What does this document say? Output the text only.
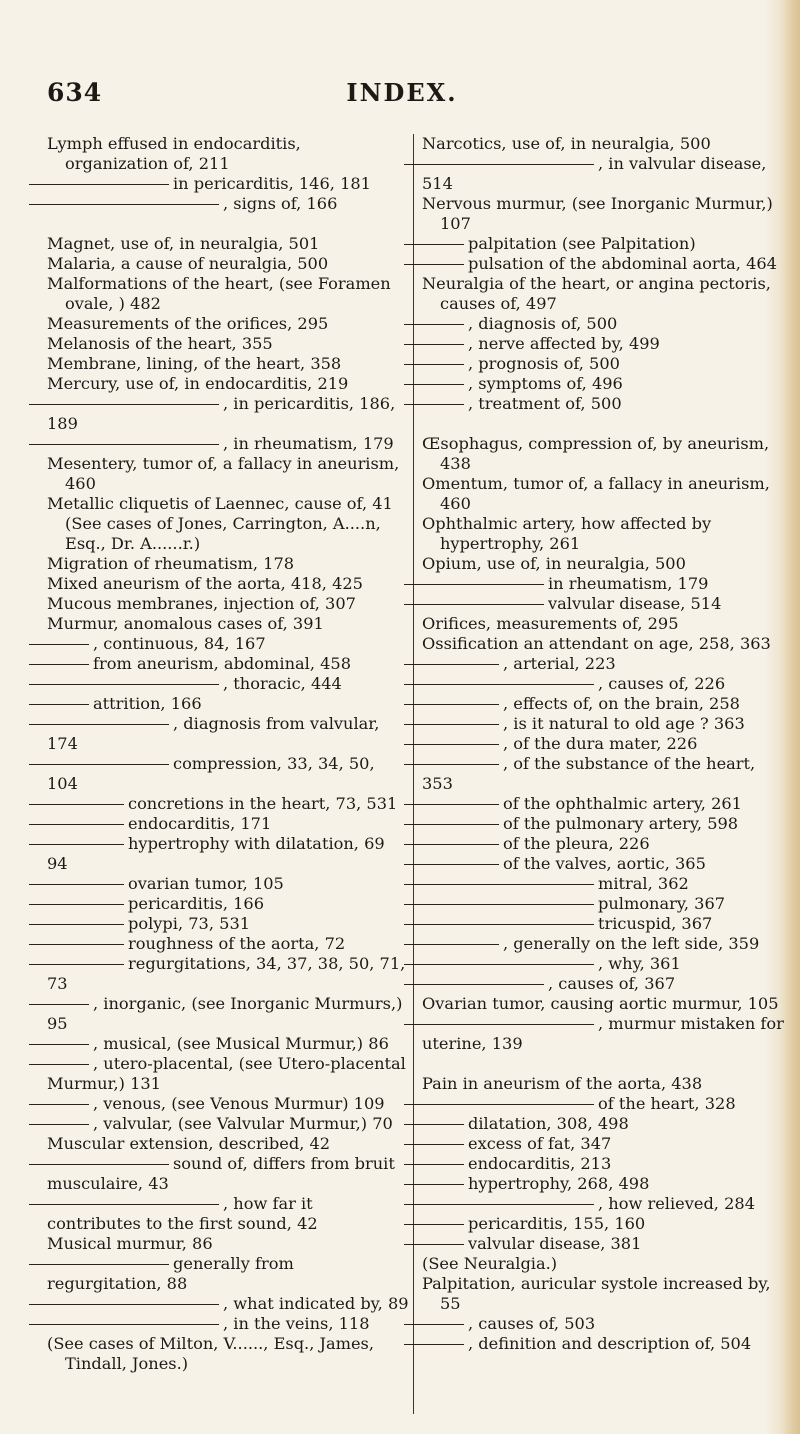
634	INDEX.
Lymph effused in endocarditis, organization of, 211
in pericarditis, 146, 181
, signs of, 166
Magnet, use of, in neuralgia, 501
Malaria, a cause of neuralgia, 500
Malformations of the heart, (see Foramen ovale, ) 482
Measurements of the orifices, 295
Melanosis of the heart, 355
Membrane, lining, of the heart, 358
Mercury, use of, in endocarditis, 219
, in pericarditis, 186, 189
, in rheumatism, 179
Mesentery, tumor of, a fallacy in aneurism, 460
Metallic cliquetis of Laennec, cause of, 41 (See cases of Jones, Carrington, A....n, Esq., Dr. A......r.)
Migration of rheumatism, 178
Mixed aneurism of the aorta, 418, 425
Mucous membranes, injection of, 307
Murmur, anomalous cases of, 391
, continuous, 84, 167
from aneurism, abdominal, 458
, thoracic, 444
attrition, 166
, diagnosis from valvular, 174
compression, 33, 34, 50, 104
concretions in the heart, 73, 531
endocarditis, 171
hypertrophy with dilatation, 69 94
ovarian tumor, 105
pericarditis, 166
polypi, 73, 531
roughness of the aorta, 72
regurgitations, 34, 37, 38, 50, 71, 73
, inorganic, (see Inorganic Murmurs,) 95
, musical, (see Musical Murmur,) 86
, utero-placental, (see Utero-placental Murmur,) 131
, venous, (see Venous Murmur) 109
, valvular, (see Valvular Murmur,) 70
Muscular extension, described, 42
sound of, differs from bruit musculaire, 43
, how far it contributes to the first sound, 42
Musical murmur, 86
generally from regurgitation, 88
, what indicated by, 89
, in the veins, 118
(See cases of Milton, V......, Esq., James, Tindall, Jones.)
Narcotics, use of, in neuralgia, 500
, in valvular disease, 514
Nervous murmur, (see Inorganic Murmur,) 107
palpitation (see Palpitation)
pulsation of the abdominal aorta, 464
Neuralgia of the heart, or angina pectoris, causes of, 497
, diagnosis of, 500
, nerve affected by, 499
, prognosis of, 500
, symptoms of, 496
, treatment of, 500
Œsophagus, compression of, by aneurism, 438
Omentum, tumor of, a fallacy in aneurism, 460
Ophthalmic artery, how affected by hypertrophy, 261
Opium, use of, in neuralgia, 500
in rheumatism, 179
valvular disease, 514
Orifices, measurements of, 295
Ossification an attendant on age, 258, 363
, arterial, 223
, causes of, 226
, effects of, on the brain, 258
, is it natural to old age ? 363
, of the dura mater, 226
, of the substance of the heart, 353
of the ophthalmic artery, 261
of the pulmonary artery, 598
of the pleura, 226
of the valves, aortic, 365
mitral, 362
pulmonary, 367
tricuspid, 367
, generally on the left side, 359
, why, 361
, causes of, 367
Ovarian tumor, causing aortic murmur, 105
, murmur mistaken for uterine, 139
Pain in aneurism of the aorta, 438
of the heart, 328
dilatation, 308, 498
excess of fat, 347
endocarditis, 213
hypertrophy, 268, 498
, how relieved, 284
pericarditis, 155, 160
valvular disease, 381
(See Neuralgia.)
Palpitation, auricular systole increased by, 55
, causes of, 503
, definition and description of, 504
